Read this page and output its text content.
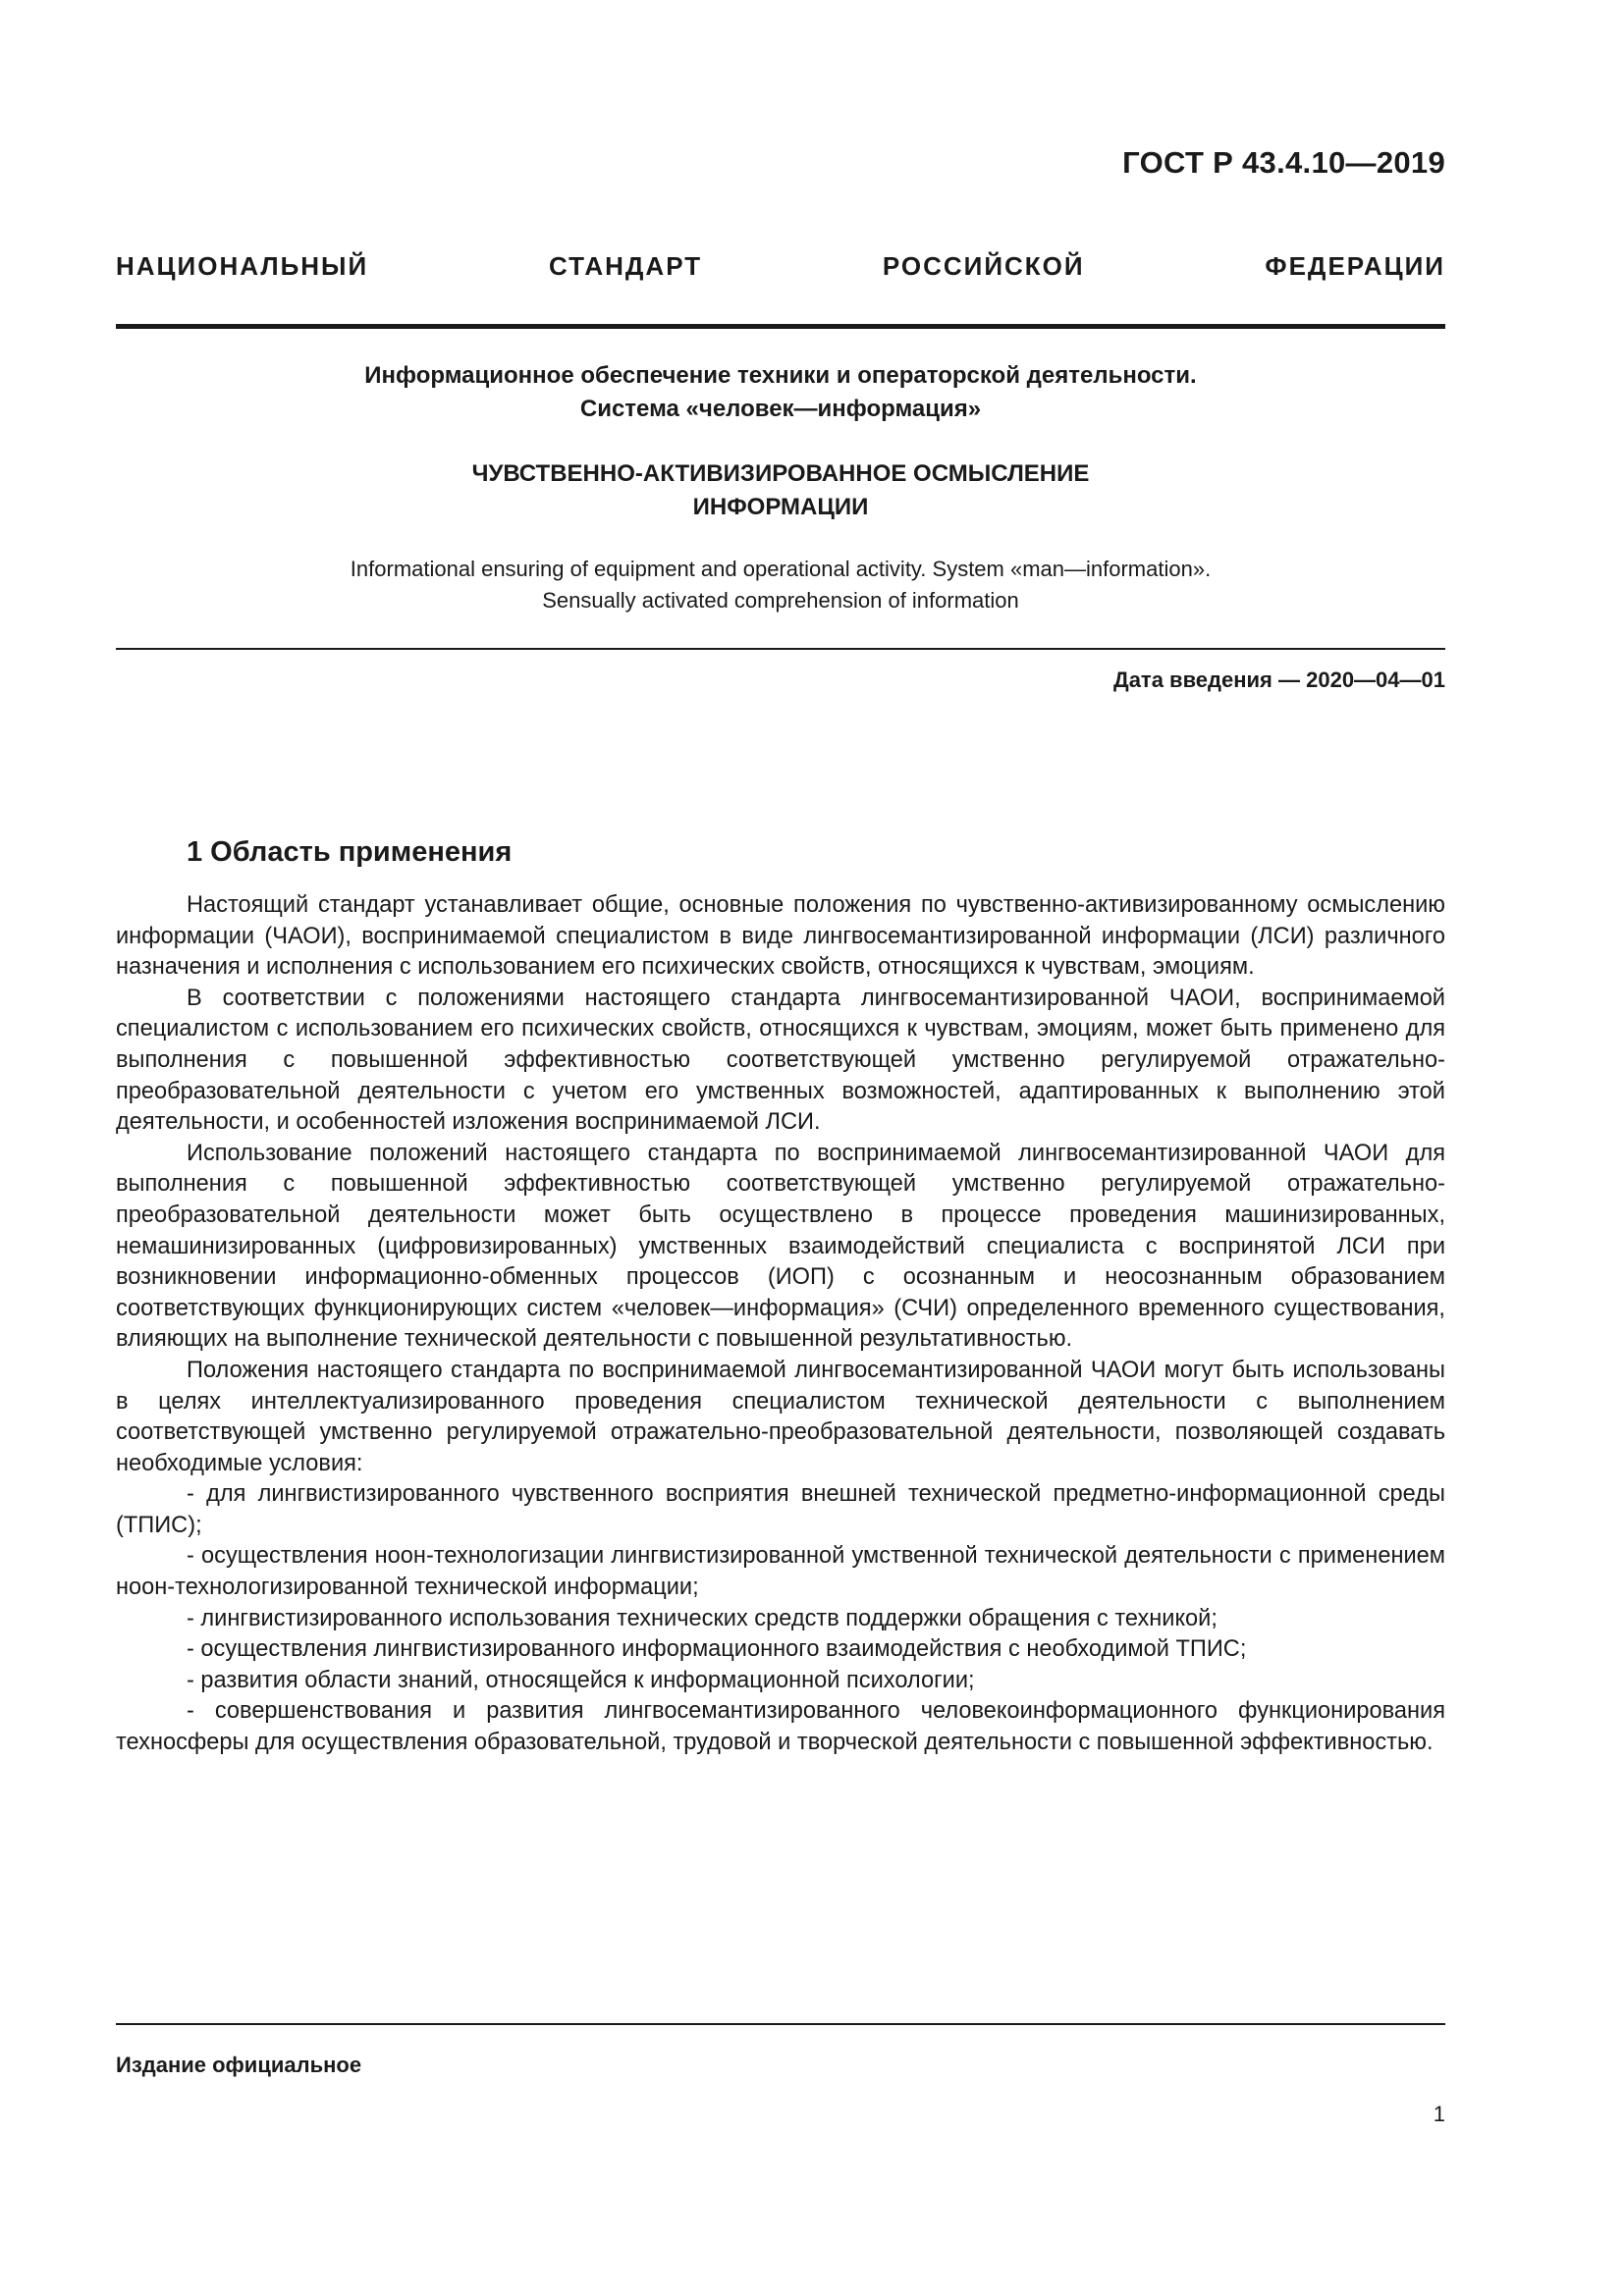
ГОСТ Р 43.4.10—2019
НАЦИОНАЛЬНЫЙ СТАНДАРТ РОССИЙСКОЙ ФЕДЕРАЦИИ
Информационное обеспечение техники и операторской деятельности.
Система «человек—информация»
ЧУВСТВЕННО-АКТИВИЗИРОВАННОЕ ОСМЫСЛЕНИЕ
ИНФОРМАЦИИ
Informational ensuring of equipment and operational activity. System «man—information».
Sensually activated comprehension of information
Дата введения — 2020—04—01
1 Область применения

Настоящий стандарт устанавливает общие, основные положения по чувственно-активизированному осмыслению информации (ЧАОИ), воспринимаемой специалистом в виде лингвосемантизированной информации (ЛСИ) различного назначения и исполнения с использованием его психических свойств, относящихся к чувствам, эмоциям.

В соответствии с положениями настоящего стандарта лингвосемантизированной ЧАОИ, воспринимаемой специалистом с использованием его психических свойств, относящихся к чувствам, эмоциям, может быть применено для выполнения с повышенной эффективностью соответствующей умственно регулируемой отражательно-преобразовательной деятельности с учетом его умственных возможностей, адаптированных к выполнению этой деятельности, и особенностей изложения воспринимаемой ЛСИ.

Использование положений настоящего стандарта по воспринимаемой лингвосемантизированной ЧАОИ для выполнения с повышенной эффективностью соответствующей умственно регулируемой отражательно-преобразовательной деятельности может быть осуществлено в процессе проведения машинизированных, немашинизированных (цифровизированных) умственных взаимодействий специалиста с воспринятой ЛСИ при возникновении информационно-обменных процессов (ИОП) с осознанным и неосознанным образованием соответствующих функционирующих систем «человек—информация» (СЧИ) определенного временного существования, влияющих на выполнение технической деятельности с повышенной результативностью.

Положения настоящего стандарта по воспринимаемой лингвосемантизированной ЧАОИ могут быть использованы в целях интеллектуализированного проведения специалистом технической деятельности с выполнением соответствующей умственно регулируемой отражательно-преобразовательной деятельности, позволяющей создавать необходимые условия:

- для лингвистизированного чувственного восприятия внешней технической предметно-информационной среды (ТПИС);

- осуществления ноон-технологизации лингвистизированной умственной технической деятельности с применением ноон-технологизированной технической информации;

- лингвистизированного использования технических средств поддержки обращения с техникой;

- осуществления лингвистизированного информационного взаимодействия с необходимой ТПИС;

- развития области знаний, относящейся к информационной психологии;

- совершенствования и развития лингвосемантизированного человекоинформационного функционирования техносферы для осуществления образовательной, трудовой и творческой деятельности с повышенной эффективностью.

Издание официальное
1
